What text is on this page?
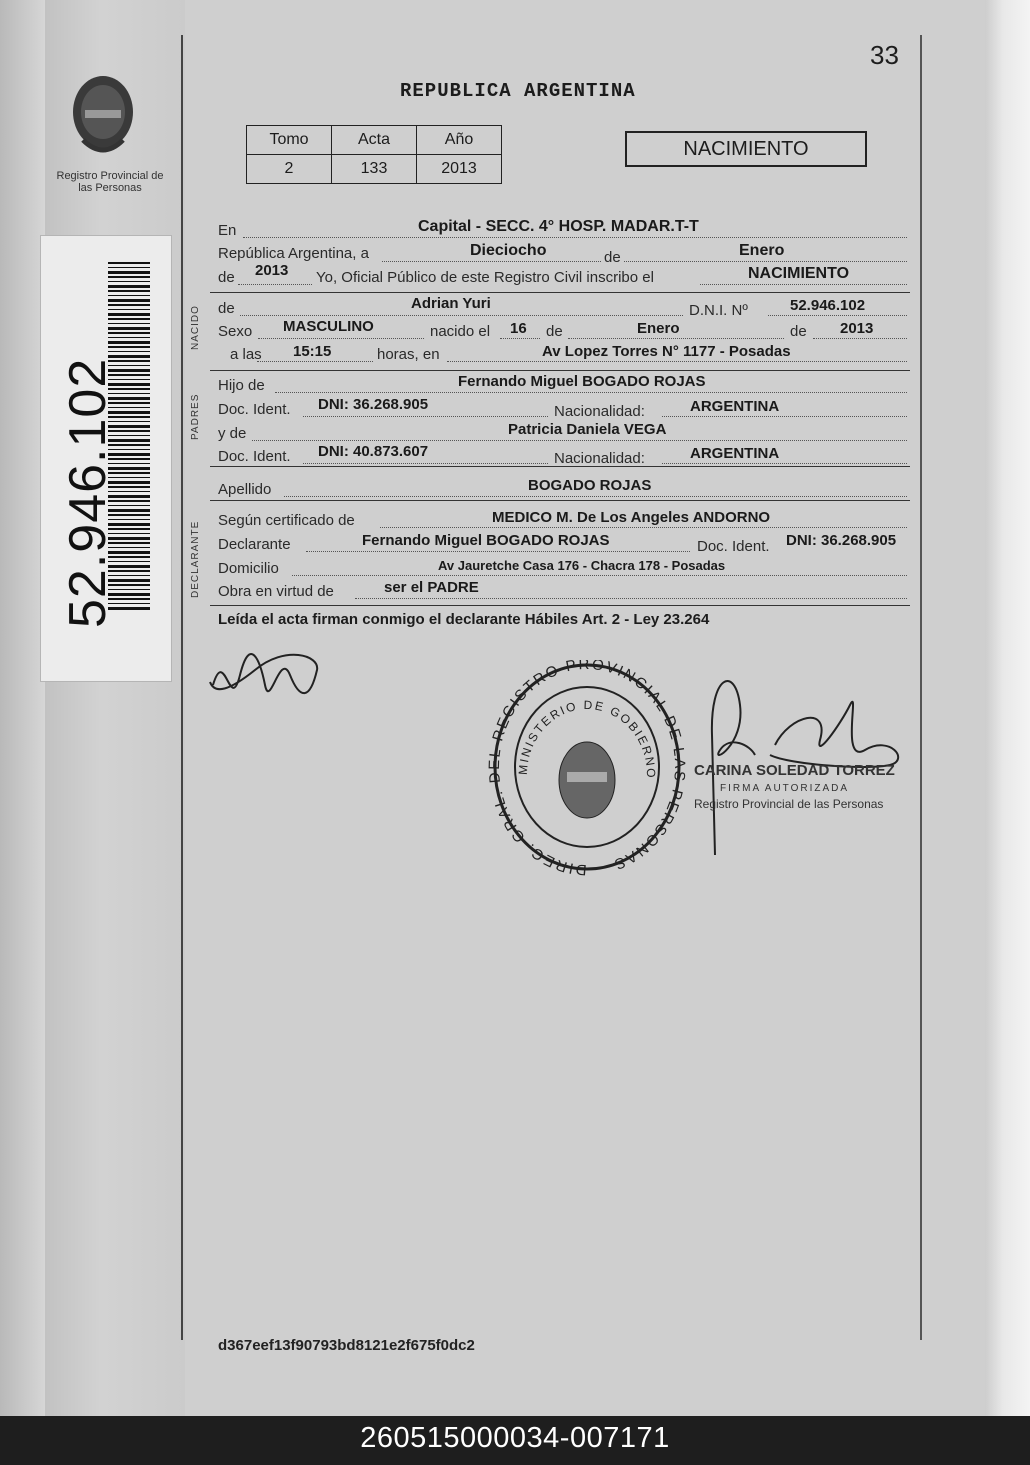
Registro Provincial de las Personas
52.946.102
33
REPUBLICA ARGENTINA
Tomo	Acta	Año
2	133	2013
NACIMIENTO
NACIDO
PADRES
DECLARANTE
En	Capital - SECC. 4° HOSP. MADAR.T-T
República Argentina, a	Dieciocho	de	Enero
de 2013 Yo, Oficial Público de este Registro Civil inscribo el	NACIMIENTO
de	Adrian Yuri	D.N.I. Nº	52.946.102
Sexo MASCULINO	nacido el 16 de	Enero	de 2013
a las 15:15	horas, en	Av Lopez Torres N° 1177 - Posadas
Hijo de	Fernando Miguel BOGADO ROJAS
Doc. Ident. DNI: 36.268.905	Nacionalidad:	ARGENTINA
y de	Patricia Daniela VEGA
Doc. Ident. DNI: 40.873.607	Nacionalidad:	ARGENTINA
Apellido	BOGADO ROJAS
Según certificado de	MEDICO M. De Los Angeles ANDORNO
Declarante	Fernando Miguel BOGADO ROJAS	Doc. Ident. DNI: 36.268.905
Domicilio	Av Jauretche Casa 176 - Chacra 178 - Posadas
Obra en virtud de	ser el PADRE
Leída el acta firman conmigo el declarante Hábiles Art. 2 - Ley 23.264
DIREC. GRAL. DEL REGISTRO PROVINCIAL DE LAS PERSONAS
MINISTERIO DE GOBIERNO CARINA SOLEDAD TORREZ
FIRMA AUTORIZADA
Registro Provincial de las Personas
d367eef13f90793bd8121e2f675f0dc2
260515000034-007171
